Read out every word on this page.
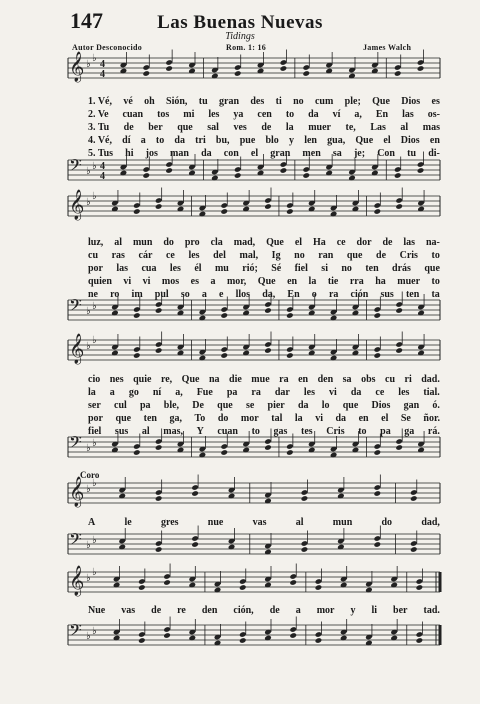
147	Las Buenas Nuevas
Tidings
Autor Desconocido	Rom. 1: 16	James Walch
𝄞 ♭
♭
4
4
1. Vé, vé oh Sión, tu gran des ti no cum ple; Que Dios es
2. Ve cuan tos mi les ya cen to da ví a, En las os-
3. Tu de ber que sal ves de la muer te, Las al mas
4. Vé, dí a to da tri bu, pue blo y len gua, Que el Dios en
5. Tus hi jos man da con el gran men sa je; Con tu di-
𝄢 ♭ ♭ 4
4
𝄞 ♭
♭
luz, al mun do pro cla mad, Que el Ha ce dor de las na-
cu ras cár ce les del mal, Ig no ran que de Cris to
por las cua les él mu rió; Sé fiel si no ten drás que
quien vi vi mos es a mor, Que en la tie rra ha muer to
ne ro im pul so a e llos da, En o ra ción sus ten ta
𝄢 ♭ ♭
𝄞 ♭
♭
cio nes quie re, Que na die mue ra en den sa obs cu ri dad.
la a go ní a, Fue pa ra dar les vi da ce les tial.
ser cul pa ble, De que se pier da lo que Dios gan ó.
por que ten ga, To do mor tal la vi da en el Se ñor.
fiel sus al mas, Y cuan to gas tes Cris to pa ga rá.
𝄢 ♭ ♭
Coro
𝄞 ♭
♭
A	le	gres	nue	vas	al	mun	do	dad,
𝄢 ♭ ♭
𝄞 ♭
♭
Nue vas de re den ción, de a mor y li ber tad.
𝄢 ♭ ♭
